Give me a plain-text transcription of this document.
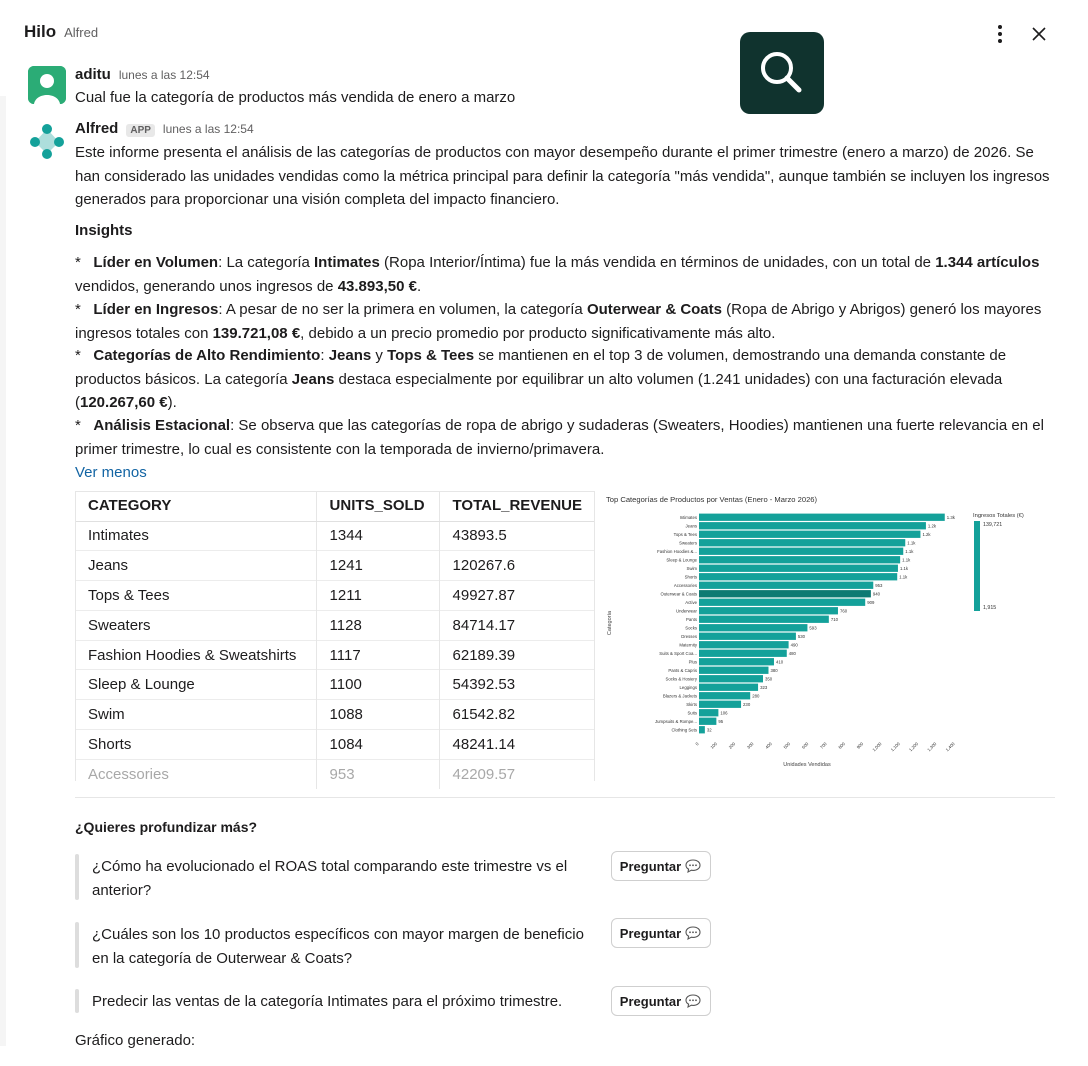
Hilo Alfred
aditu lunes a las 12:54
Cual fue la categoría de productos más vendida de enero a marzo
Alfred	APP	lunes a las 12:54
Este informe presenta el análisis de las categorías de productos con mayor desempeño durante el primer trimestre (enero a marzo) de 2026. Se han considerado las unidades vendidas como la métrica principal para definir la categoría "más vendida", aunque también se incluyen los ingresos generados para proporcionar una visión completa del impacto financiero.
Insights
* Líder en Volumen: La categoría Intimates (Ropa Interior/Íntima) fue la más vendida en términos de unidades, con un total de 1.344 artículos vendidos, generando unos ingresos de 43.893,50 €.
* Líder en Ingresos: A pesar de no ser la primera en volumen, la categoría Outerwear & Coats (Ropa de Abrigo y Abrigos) generó los mayores ingresos totales con 139.721,08 €, debido a un precio promedio por producto significativamente más alto.
* Categorías de Alto Rendimiento: Jeans y Tops & Tees se mantienen en el top 3 de volumen, demostrando una demanda constante de productos básicos. La categoría Jeans destaca especialmente por equilibrar un alto volumen (1.241 unidades) con una facturación elevada (120.267,60 €).
* Análisis Estacional: Se observa que las categorías de ropa de abrigo y sudaderas (Sweaters, Hoodies) mantienen una fuerte relevancia en el primer trimestre, lo cual es consistente con la temporada de invierno/primavera.
Ver menos
CATEGORY	UNITS_SOLD	TOTAL_REVENUE
Intimates	1344	43893.5
Jeans	1241	120267.6
Tops & Tees	1211	49927.87
Sweaters	1128	84714.17
Fashion Hoodies & Sweatshirts	1117	62189.39
Sleep & Lounge	1100	54392.53
Swim	1088	61542.82
Shorts	1084	48241.14
Accessories	953	42209.57
Top Categorías de Productos por Ventas (Enero - Marzo 2026)
Intimates	1.3k
Jeans	1.2k
Tops & Tees	1.2k
Sweaters	1.1k
Fashion Hoodies &...	1.1k
Sleep & Lounge	1.1k
Swim	1.1k
Shorts	1.1k
Accessories	953
Outerwear & Coats	940
Active	909
Underwear	760
Pants	710
Socks	593
Dresses	530
Maternity	490
Suits & Sport Coa...	480
Plus	410
Pants & Capris	380
Socks & Hosiery	350
Leggings	323
Blazers & Jackets	280
Skirts	230
Suits	106
Jumpsuits & Rompe...	95
Clothing Sets 32
0 100 200 300 400 500 600 700 800 900 1,000 1,100 1,200 1,300 1,400
Unidades Vendidas
Categoría
Ingresos Totales (€)
139,721
1,915
¿Quieres profundizar más?
¿Cómo ha evolucionado el ROAS total comparando este trimestre vs el anterior?
Preguntar
¿Cuáles son los 10 productos específicos con mayor margen de beneficio en la categoría de Outerwear & Coats?
Preguntar
Predecir las ventas de la categoría Intimates para el próximo trimestre.	Preguntar
Gráfico generado:
